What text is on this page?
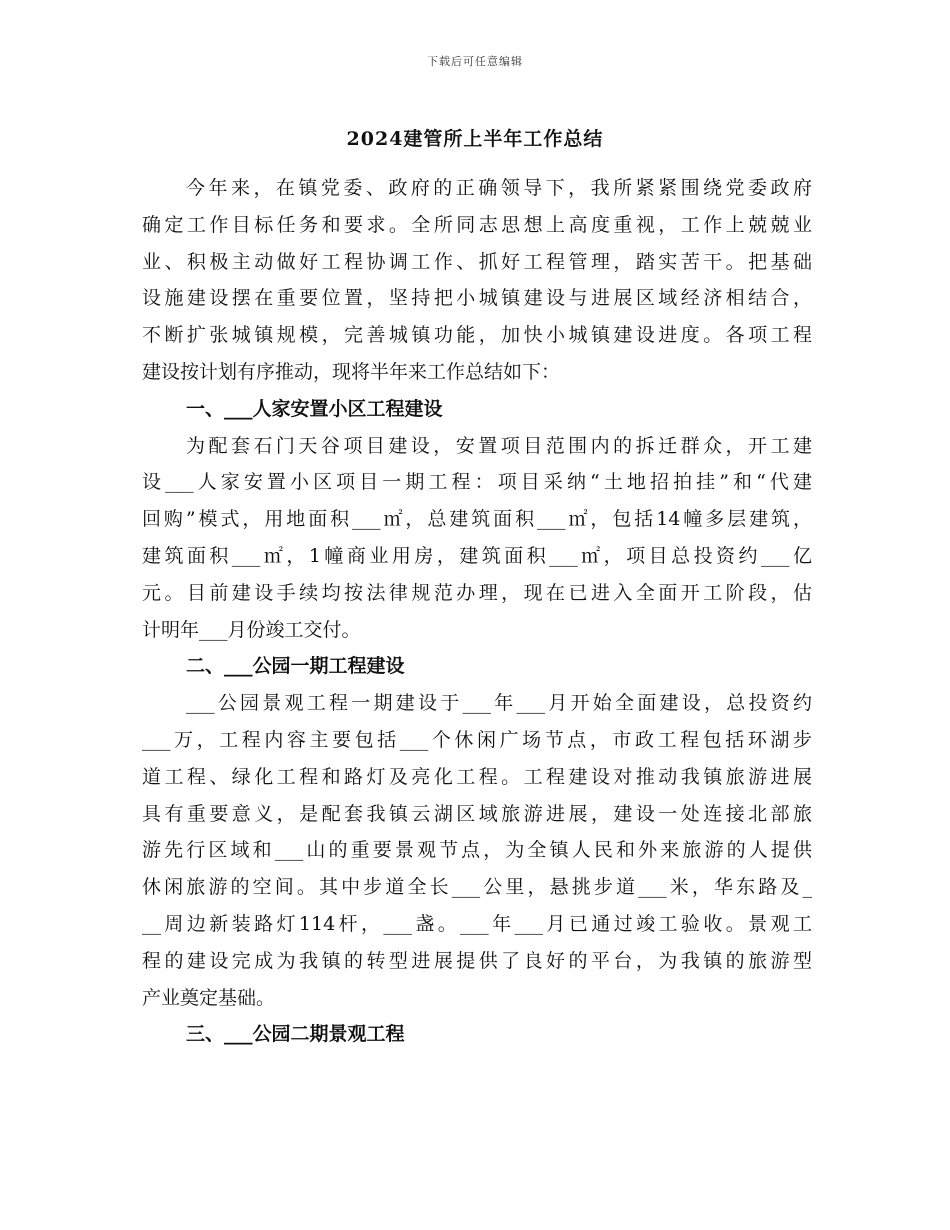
下载后可任意编辑
2024建管所上半年工作总结
今年来，在镇党委、政府的正确领导下，我所紧紧围绕党委政府
确定工作目标任务和要求。全所同志思想上高度重视，工作上兢兢业
业、积极主动做好工程协调工作、抓好工程管理，踏实苦干。把基础
设施建设摆在重要位置，坚持把小城镇建设与进展区域经济相结合，
不断扩张城镇规模，完善城镇功能，加快小城镇建设进度。各项工程
建设按计划有序推动，现将半年来工作总结如下：
一、___人家安置小区工程建设
为配套石门天谷项目建设，安置项目范围内的拆迁群众，开工建
设___人家安置小区项目一期工程：项目采纳“土地招拍挂”和“代建
回购”模式，用地面积___㎡，总建筑面积___㎡，包括14幢多层建筑，
建筑面积___㎡，1幢商业用房，建筑面积___㎡，项目总投资约___亿
元。目前建设手续均按法律规范办理，现在已进入全面开工阶段，估
计明年___月份竣工交付。
二、___公园一期工程建设
___公园景观工程一期建设于___年___月开始全面建设，总投资约
___万，工程内容主要包括___个休闲广场节点，市政工程包括环湖步
道工程、绿化工程和路灯及亮化工程。工程建设对推动我镇旅游进展
具有重要意义，是配套我镇云湖区域旅游进展，建设一处连接北部旅
游先行区域和___山的重要景观节点，为全镇人民和外来旅游的人提供
休闲旅游的空间。其中步道全长___公里，悬挑步道___米，华东路及_
__周边新装路灯114杆，___盏。___年___月已通过竣工验收。景观工
程的建设完成为我镇的转型进展提供了良好的平台，为我镇的旅游型
产业奠定基础。
三、___公园二期景观工程
